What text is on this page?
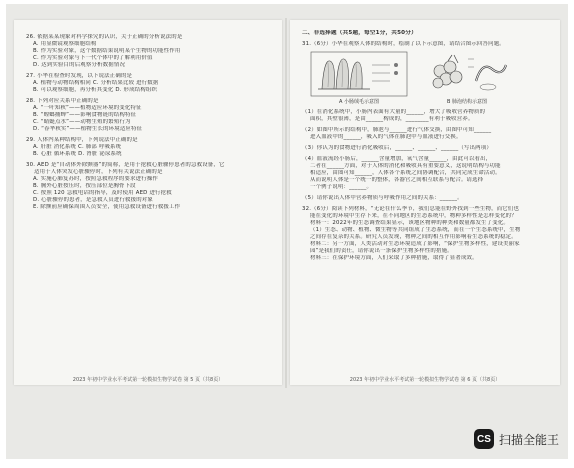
26. 依据某某现象对科学探究的认识，关于正确的分析说法的是
A. 用显微镜观察细胞结构
B. 作为实验对象，这个数据结果说明某个生物的功能性作用
C. 作为实验对象与下一代个体中的了解利用价值
D. 达到实验目的后观察分析数据情况
27. 小华在检查时发现，以下说法正确的是
A. 植物与动物结构相同 C. 分析结果比较 进行数据
B. 可以观察细胞，再分析其变化 D. 形成结构组织
28. 下列对应关系中正确的是
A. “一叶知秋”——植物适应环境的变化特征
B. “螳螂捕蝉”——影响食物链的结构特征
C. “蜻蜓点水”——动物生殖的繁殖行为
D. “春华秋实”——植物生长的环境适应特征
29. 人体内某种结构中，下列说法中正确的是
A. 肝脏 消化系统 C. 肺部 呼吸系统
B. 心脏 循环系统 D. 肾脏 泌尿系统
30. AED 是“自动体外除颤器”的简称，是用于抢救心脏骤停患者的急救设备，它
适用于人体突发心脏骤停时，下列有关说法正确的是
A. 实施心肺复苏时，按照急救程序的要求进行操作
B. 胸外心脏按压时，按压部位是胸骨下段
C. 按照 120 急救电话的指导，及时使用 AED 进行抢救
D. 心脏骤停的患者，是急救人员进行救援的对象
E. 除颤前应确保周围人员安全，使用急救设备进行救援工作
2023 年初中学业水平考试第一轮模拟生物学试卷 第 5 页（共8页）
二、非选择题（共5题，每空1分，共50分）
31.（6分）小华在观察人体的结构时，绘制了以下示意图，请结合图示回答问题。
A 小肠绒毛示意图	B 肺泡结构示意图
（1）在消化系统中，小肠内表面有大量的______，增大了吸收营养物质的
面积，其壁很薄，是由______构成的，________有利于吸收营养。
（2）如图中所示的结构中，肺泡与______进行气体交换，由图中可知______
进入血液中的______，吸入的气体在肺泡中与血液进行交换。
（3）你认为的食物进行消化吸收后，______、______、______（写出两项）
（4）血液流经小肠后，______含量增加，氧气含量______，由此可以看出，
二者在______方面，对于人体的消化和吸收具有重要意义，这说明结构与功能
相适应，由图可知______，人体各个系统之间协调配合，共同完成生命活动。
从而说明人体是一个统一的整体，各器官之间相互联系与配合。请选择
一个例子说明：______。
（5）请你说出人体中营养物质与呼吸作用之间的关系：______。
32.（6分）阅读下列材料，“无论在什么季节，我们总能在野外找到一些生物，而它们也
能在变化的环境中生存下来，在不同地区的生态系统中，物种多样性是怎样变化的？
材料一：2022年的生态调查结果显示，该地区物种的种类和数量都发生了变化。
（1）生态、动物、植物、微生物等共同组成了生态系统，而在一个生态系统中，生物
之间存在复杂的关系。研究人员发现，物种之间的相互作用影响着生态系统的稳定。
材料二：另一方面，人类活动对生态环境造成了影响，“保护生物多样性，建设美丽家
园”是我们的责任，请你说出一条保护生物多样性的措施。
材料三：在保护环境方面，人们采取了多种措施，取得了显著成效。
2023 年初中学业水平考试第一轮模拟生物学试卷 第 6 页（共8页）
CS 扫描全能王
